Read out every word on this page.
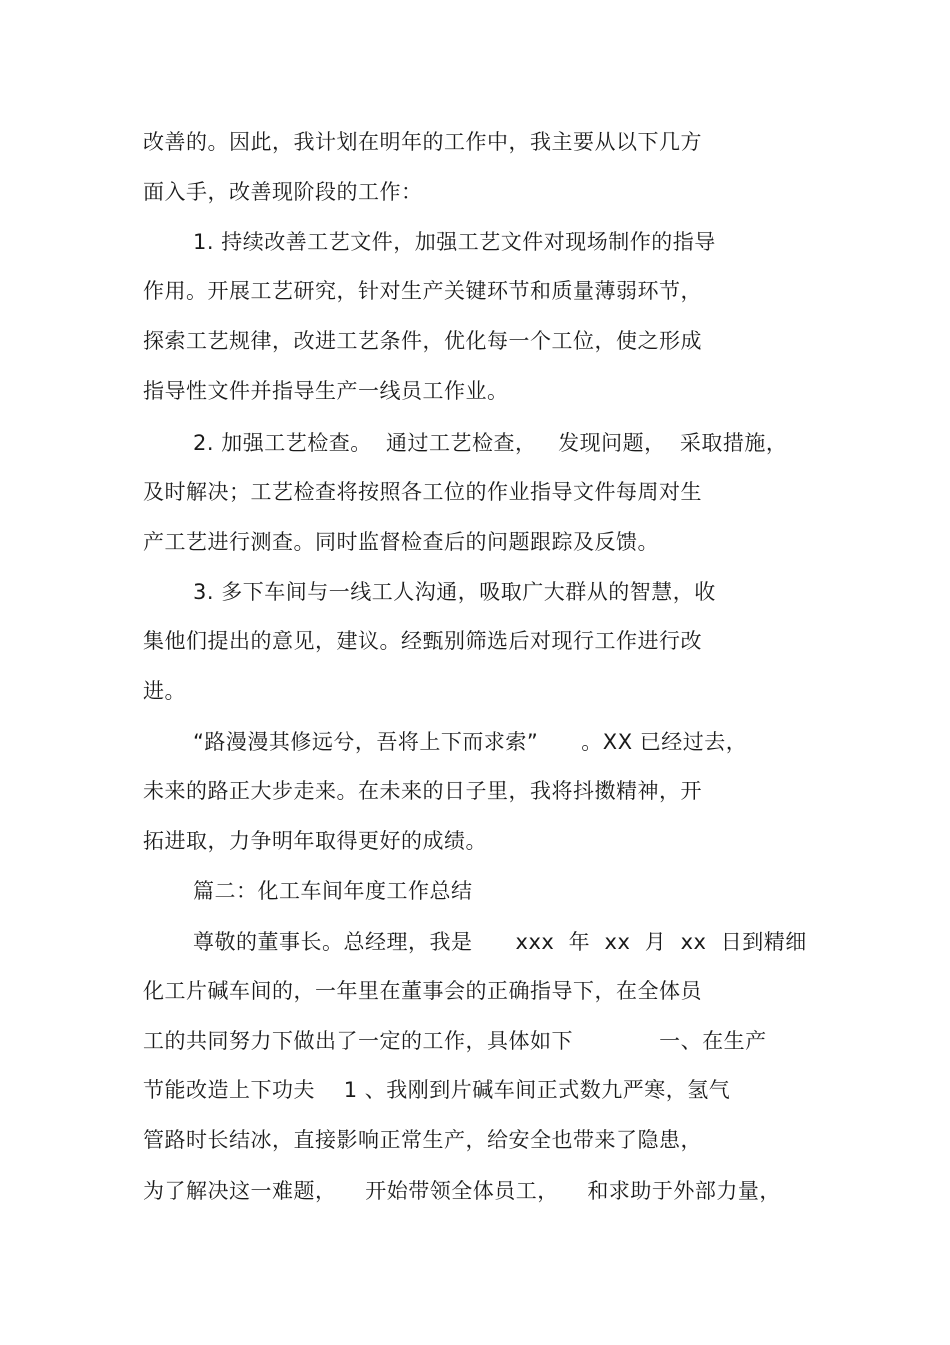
改善的。因此，我计划在明年的工作中，我主要从以下几方
面入手，改善现阶段的工作：
1. 持续改善工艺文件，加强工艺文件对现场制作的指导
作用。开展工艺研究，针对生产关键环节和质量薄弱环节，
探索工艺规律，改进工艺条件，优化每一个工位，使之形成
指导性文件并指导生产一线员工作业。
2. 加强工艺检查。  通过工艺检查，   发现问题，  采取措施，
及时解决；工艺检查将按照各工位的作业指导文件每周对生
产工艺进行测查。同时监督检查后的问题跟踪及反馈。
3. 多下车间与一线工人沟通，吸取广大群从的智慧，收
集他们提出的意见，建议。经甄别筛选后对现行工作进行改
进。
“路漫漫其修远兮，吾将上下而求索”      。XX 已经过去，
未来的路正大步走来。在未来的日子里，我将抖擞精神，开
拓进取，力争明年取得更好的成绩。
篇二：化工车间年度工作总结
尊敬的董事长。总经理，我是      xxx  年  xx  月  xx  日到精细
化工片碱车间的，一年里在董事会的正确指导下，在全体员
工的共同努力下做出了一定的工作，具体如下            一、在生产
节能改造上下功夫    1 、我刚到片碱车间正式数九严寒，氢气
管路时长结冰，直接影响正常生产，给安全也带来了隐患，
为了解决这一难题，    开始带领全体员工，    和求助于外部力量，
